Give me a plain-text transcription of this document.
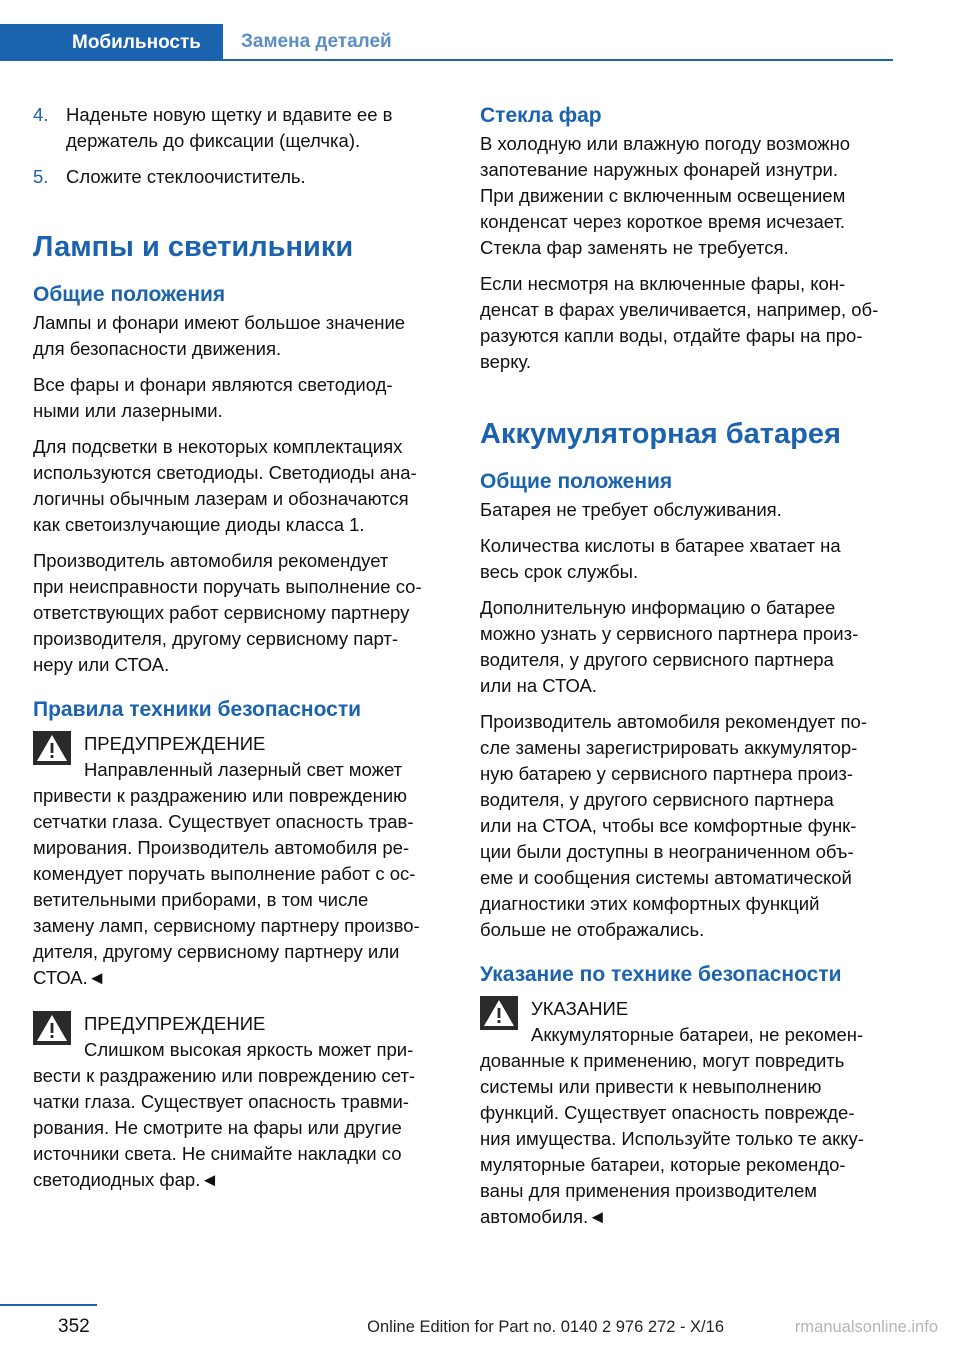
Мобильность	Замена деталей
4. Наденьте новую щетку и вдавите ее в
держатель до фиксации (щелчка).
5. Сложите стеклоочиститель.
Лампы и светильники
Общие положения

Лампы и фонари имеют большое значение
для безопасности движения.

Все фары и фонари являются светодиод‐
ными или лазерными.

Для подсветки в некоторых комплектациях
используются светодиоды. Светодиоды ана‐
логичны обычным лазерам и обозначаются
как светоизлучающие диоды класса 1.

Производитель автомобиля рекомендует
при неисправности поручать выполнение со‐
ответствующих работ сервисному партнеру
производителя, другому сервисному парт‐
неру или СТОА.

Правила техники безопасности

ПРЕДУПРЕЖДЕНИЕ

Направленный лазерный свет может

привести к раздражению или повреждению
сетчатки глаза. Существует опасность трав‐
мирования. Производитель автомобиля ре‐
комендует поручать выполнение работ с ос‐
ветительными приборами, в том числе
замену ламп, сервисному партнеру произво‐
дителя, другому сервисному партнеру или
СТОА.◄

ПРЕДУПРЕЖДЕНИЕ

Слишком высокая яркость может при‐

вести к раздражению или повреждению сет‐
чатки глаза. Существует опасность травми‐
рования. Не смотрите на фары или другие
источники света. Не снимайте накладки со
светодиодных фар.◄

Стекла фар

В холодную или влажную погоду возможно
запотевание наружных фонарей изнутри.
При движении с включенным освещением
конденсат через короткое время исчезает.
Стекла фар заменять не требуется.

Если несмотря на включенные фары, кон‐
денсат в фарах увеличивается, например, об‐
разуются капли воды, отдайте фары на про‐
верку.

Аккумуляторная батарея
Общие положения

Батарея не требует обслуживания.

Количества кислоты в батарее хватает на
весь срок службы.

Дополнительную информацию о батарее
можно узнать у сервисного партнера произ‐
водителя, у другого сервисного партнера
или на СТОА.

Производитель автомобиля рекомендует по‐
сле замены зарегистрировать аккумулятор‐
ную батарею у сервисного партнера произ‐
водителя, у другого сервисного партнера
или на СТОА, чтобы все комфортные функ‐
ции были доступны в неограниченном объ‐
еме и сообщения системы автоматической
диагностики этих комфортных функций
больше не отображались.

Указание по технике безопасности

УКАЗАНИЕ

Аккумуляторные батареи, не рекомен‐

дованные к применению, могут повредить
системы или привести к невыполнению
функций. Существует опасность поврежде‐
ния имущества. Используйте только те акку‐
муляторные батареи, которые рекомендо‐
ваны для применения производителем
автомобиля.◄

352	Online Edition for Part no. 0140 2 976 272 - X/16	rmanualsonline.info
